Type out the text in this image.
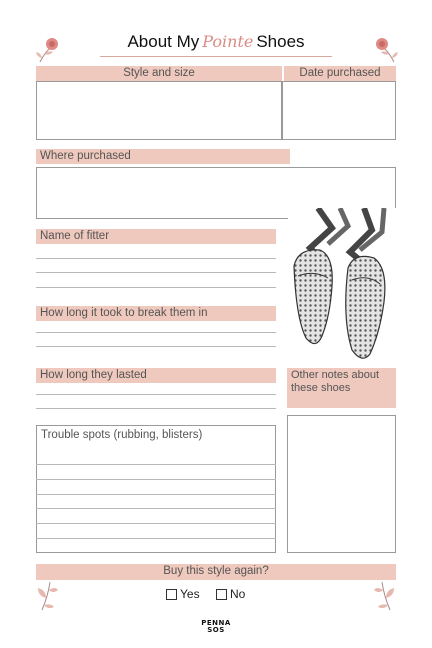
About My Pointe Shoes
Style and size	Date purchased
Where purchased
Name of fitter
How long it took to break them in
How long they lasted	Other notes about these shoes
Trouble spots (rubbing, blisters)
Buy this style again?
Yes	No
PENNA
SOS
